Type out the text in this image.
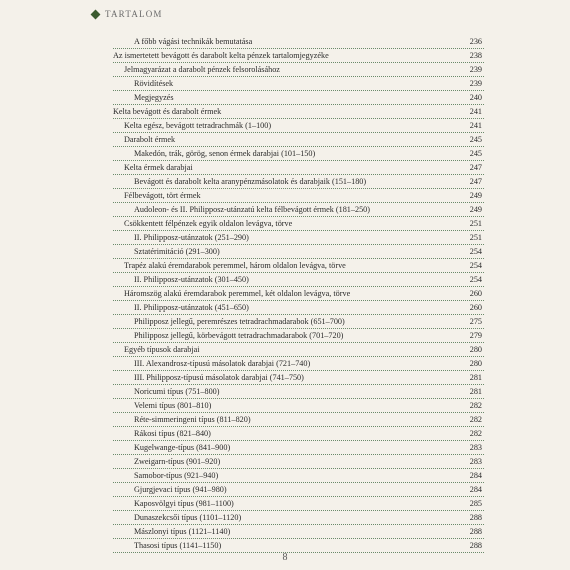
TARTALOM
A főbb vágási technikák bemutatása	236
Az ismertetett bevágott és darabolt kelta pénzek tartalomjegyzéke	238
Jelmagyarázat a darabolt pénzek felsorolásához	239
Rövidítések	239
Megjegyzés	240
Kelta bevágott és darabolt érmek	241
Kelta egész, bevágott tetradrachmák (1–100)	241
Darabolt érmek	245
Makedón, trák, görög, senon érmek darabjai (101–150)	245
Kelta érmek darabjai	247
Bevágott és darabolt kelta aranypénzmásolatok és darabjaik (151–180)	247
Félbevágott, tört érmek	249
Audoleon- és II. Philipposz-utánzatú kelta félbevágott érmek (181–250)	249
Csökkentett félpénzek egyik oldalon levágva, törve	251
II. Philipposz-utánzatok (251–290)	251
Sztatérimitáció (291–300)	254
Trapéz alakú éremdarabok peremmel, három oldalon levágva, törve	254
II. Philipposz-utánzatok (301–450)	254
Háromszög alakú éremdarabok peremmel, két oldalon levágva, törve	260
II. Philipposz-utánzatok (451–650)	260
Philipposz jellegű, peremrészes tetradrachmadarabok (651–700)	275
Philipposz jellegű, körbevágott tetradrachmadarabok (701–720)	279
Egyéb típusok darabjai	280
III. Alexandrosz-típusú másolatok darabjai (721–740)	280
III. Philipposz-típusú másolatok darabjai (741–750)	281
Noricumi típus (751–800)	281
Velemi típus (801–810)	282
Réte-simmeringeni típus (811–820)	282
Rákosi típus (821–840)	282
Kugelwange-típus (841–900)	283
Zweigarn-típus (901–920)	283
Samobor-típus (921–940)	284
Gjurgjevaci típus (941–980)	284
Kaposvölgyi típus (981–1100)	285
Dunaszekcsői típus (1101–1120)	288
Mászlonyi típus (1121–1140)	288
Thasosi típus (1141–1150)	288
8
